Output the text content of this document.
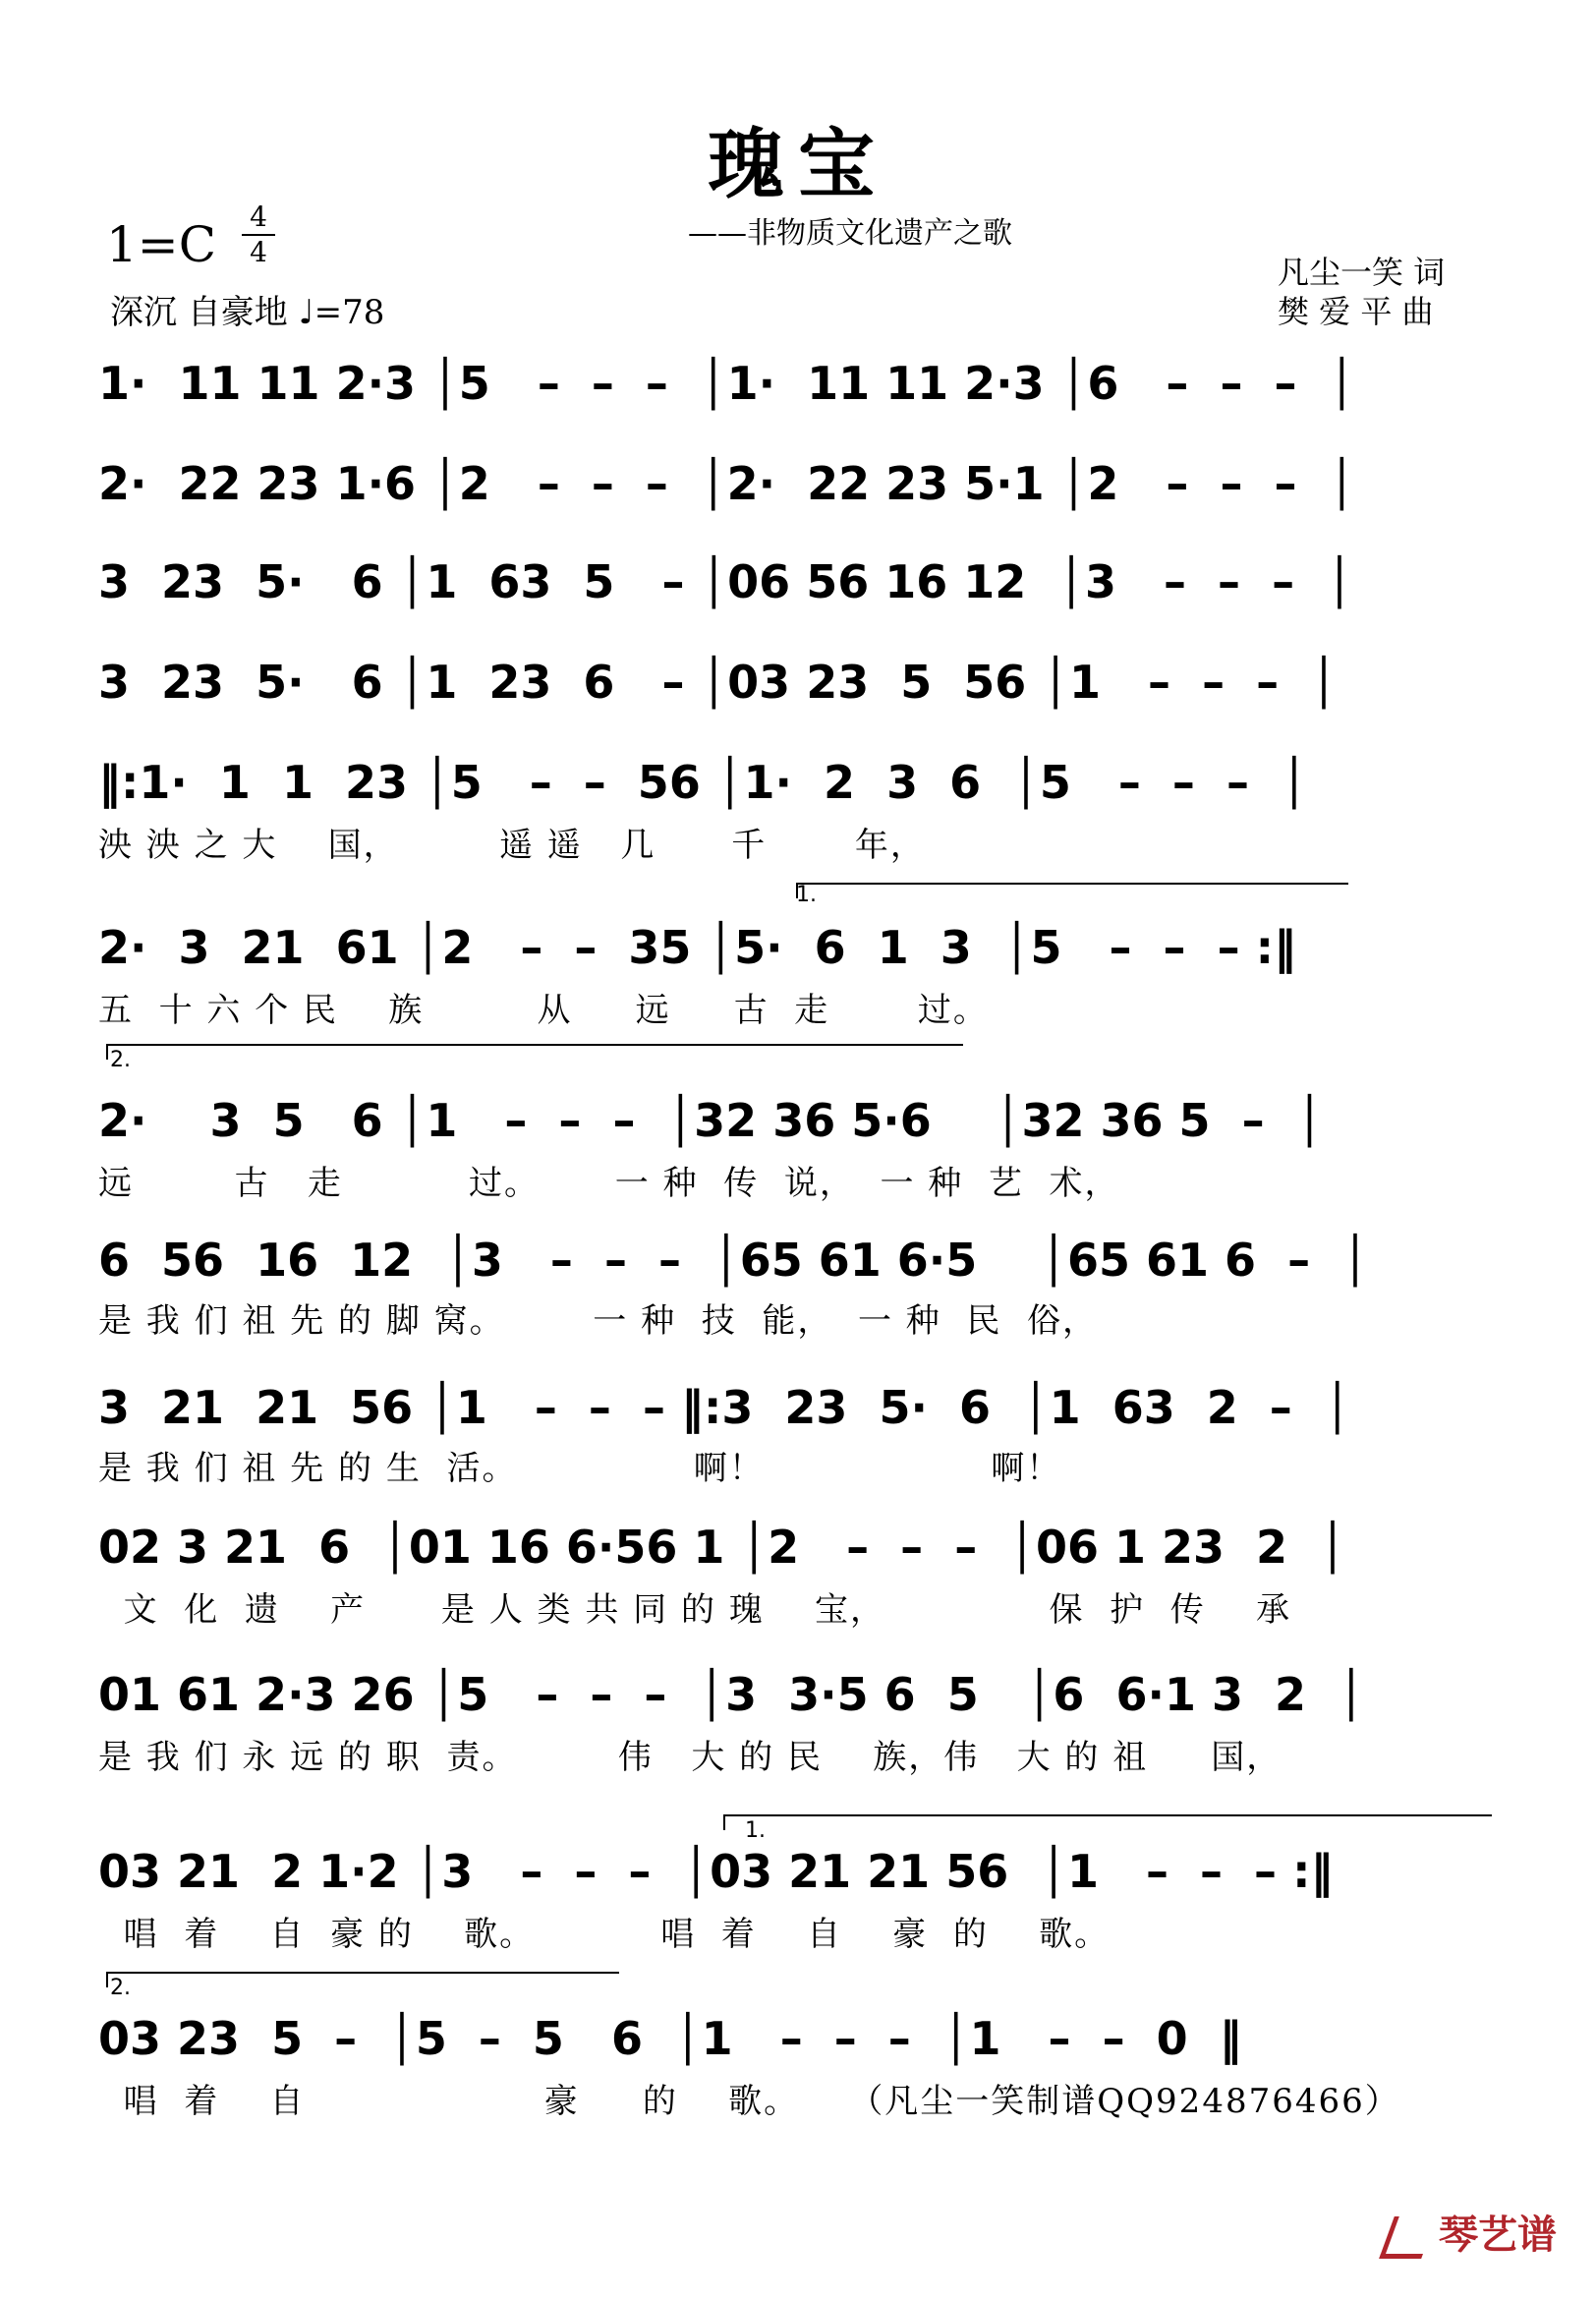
瑰宝
——非物质文化遗产之歌
1=C 4
4
深沉 自豪地 ♩=78
凡尘一笑 词
樊 爱 平 曲
1·  11 11 2·3 │5   –  –  –  │1·  11 11 2·3 │6   –  –  –  │
2·  22 23 1·6 │2   –  –  –  │2·  22 23 5·1 │2   –  –  –  │
3  23  5·   6 │1  63  5   – │06 56 16 12  │3   –  –  –  │
3  23  5·   6 │1  23  6   – │03 23  5  56 │1   –  –  –  │
‖:1·  1  1  23 │5   –  –  56 │1·  2  3  6  │5   –  –  –  │
泱 泱 之 大    国，        遥 遥   几      千       年，
2·  3  21  61 │2   –  –  35 │5·  6  1  3  │5   –  –  – :‖
五  十 六 个 民    族         从     远     古  走       过。
2·    3  5   6 │1   –  –  –  │32 36 5·6    │32 36 5  –  │
远        古   走          过。      一 种  传  说，  一 种  艺  术，
6  56  16  12  │3   –  –  –  │65 61 6·5    │65 61 6  –  │
是 我 们 祖 先 的 脚 窝。       一 种  技  能，  一 种  民  俗，
3  21  21  56 │1   –  –  – ‖:3  23  5·  6  │1  63  2  –  │
是 我 们 祖 先 的 生  活。              啊！                  啊！
02 3 21  6  │01 16 6·56 1 │2   –  –  –  │06 1 23  2  │
文  化  遗    产      是 人 类 共 同 的 瑰    宝，             保  护  传    承
01 61 2·3 26 │5   –  –  –  │3  3·5 6  5   │6  6·1 3  2  │
是 我 们 永 远 的 职  责。        伟   大 的 民    族，伟   大 的 祖     国，
03 21  2 1·2 │3   –  –  –  │03 21 21 56  │1   –  –  – :‖
唱  着    自  豪 的    歌。          唱  着    自    豪  的    歌。
03 23  5  –  │5  –  5   6  │1   –  –  –  │1   –  –  0  ‖
唱  着    自                   豪     的    歌。    （凡尘一笑制谱QQ924876466）
1.
2.
1.
2.
琴艺谱
